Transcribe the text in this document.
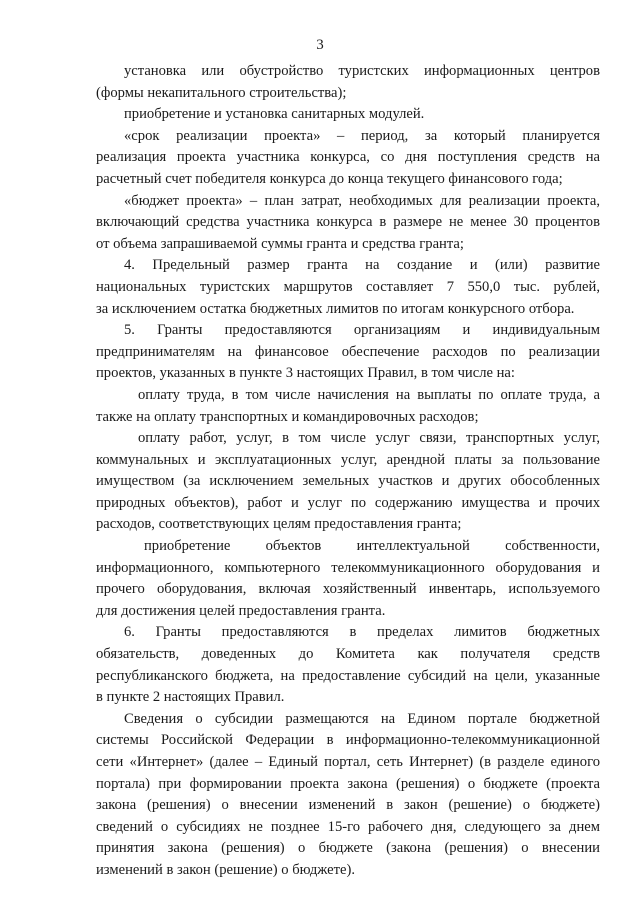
3
установка или обустройство туристских информационных центров
(формы некапитального строительства);
приобретение и установка санитарных модулей.
«срок реализации проекта» – период, за который планируется
реализация проекта участника конкурса, со дня поступления средств на
расчетный счет победителя конкурса до конца текущего финансового года;
«бюджет проекта» – план затрат, необходимых для реализации проекта,
включающий средства участника конкурса в размере не менее 30 процентов
от объема запрашиваемой суммы гранта и средства гранта;
4. Предельный размер гранта на создание и (или) развитие
национальных туристских маршрутов составляет 7 550,0 тыс. рублей,
за исключением остатка бюджетных лимитов по итогам конкурсного отбора.
5. Гранты предоставляются организациям и индивидуальным
предпринимателям на финансовое обеспечение расходов по реализации
проектов, указанных в пункте 3 настоящих Правил, в том числе на:
оплату труда, в том числе начисления на выплаты по оплате труда, а
также на оплату транспортных и командировочных расходов;
оплату работ, услуг, в том числе услуг связи, транспортных услуг,
коммунальных и эксплуатационных услуг, арендной платы за пользование
имуществом (за исключением земельных участков и других обособленных
природных объектов), работ и услуг по содержанию имущества и прочих
расходов, соответствующих целям предоставления гранта;
приобретение объектов интеллектуальной собственности,
информационного, компьютерного телекоммуникационного оборудования и
прочего оборудования, включая хозяйственный инвентарь, используемого
для достижения целей предоставления гранта.
6. Гранты предоставляются в пределах лимитов бюджетных
обязательств, доведенных до Комитета как получателя средств
республиканского бюджета, на предоставление субсидий на цели, указанные
в пункте 2 настоящих Правил.
Сведения о субсидии размещаются на Едином портале бюджетной
системы Российской Федерации в информационно-телекоммуникационной
сети «Интернет» (далее – Единый портал, сеть Интернет) (в разделе единого
портала) при формировании проекта закона (решения) о бюджете (проекта
закона (решения) о внесении изменений в закон (решение) о бюджете)
сведений о субсидиях не позднее 15-го рабочего дня, следующего за днем
принятия закона (решения) о бюджете (закона (решения) о внесении
изменений в закон (решение) о бюджете).
